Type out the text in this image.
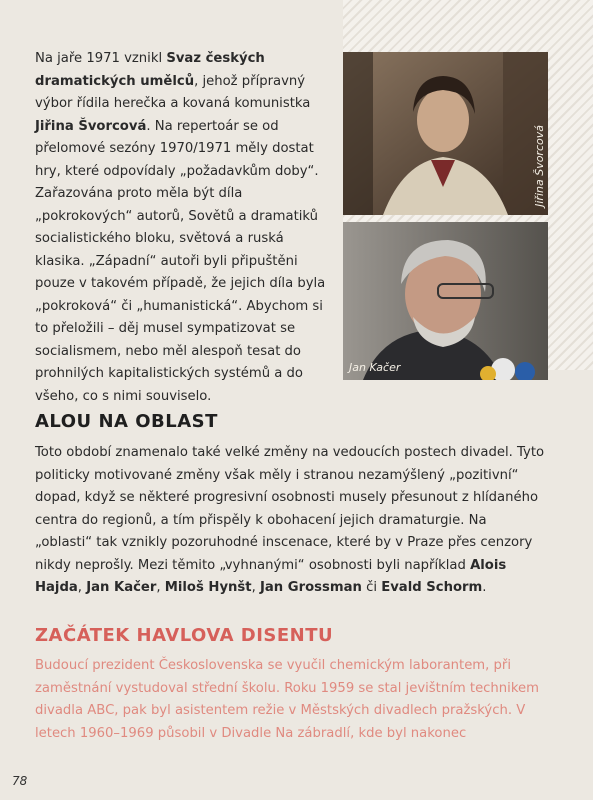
Na jaře 1971 vznikl Svaz českých dramatických umělců, jehož přípravný výbor řídila herečka a kovaná komunistka Jiřina Švorcová. Na repertoár se od přelomové sezóny 1970/1971 měly dostat hry, které odpovídaly „požadavkům doby“. Zařazována proto měla být díla „pokrokových“ autorů, Sovětů a dramatiků socialistického bloku, světová a ruská klasika. „Západní“ autoři byli připuštěni pouze v takovém případě, že jejich díla byla „pokroková“ či „humanistická“. Abychom si to přeložili – děj musel sympatizovat se socialismem, nebo měl alespoň tesat do prohnilých kapitalistických systémů a do všeho, co s nimi souviselo.

Jiřina Švorcová
Jan Kačer
ALOU NA OBLAST

Toto období znamenalo také velké změny na vedoucích postech divadel. Tyto politicky motivované změny však měly i stranou nezamýšlený „pozitivní“ dopad, když se některé progresivní osobnosti musely přesunout z hlídaného centra do regionů, a tím přispěly k obohacení jejich dramaturgie. Na „oblasti“ tak vznikly pozoruhodné inscenace, které by v Praze přes cenzory nikdy neprošly. Mezi těmito „vyhnanými“ osobnosti byli například Alois Hajda, Jan Kačer, Miloš Hynšt, Jan Grossman či Evald Schorm.

ZAČÁTEK HAVLOVA DISENTU

Budoucí prezident Československa se vyučil chemickým laborantem, při zaměstnání vystudoval střední školu. Roku 1959 se stal jevištním technikem divadla ABC, pak byl asistentem režie v Městských divadlech pražských. V letech 1960–1969 působil v Divadle Na zábradlí, kde byl nakonec

78
